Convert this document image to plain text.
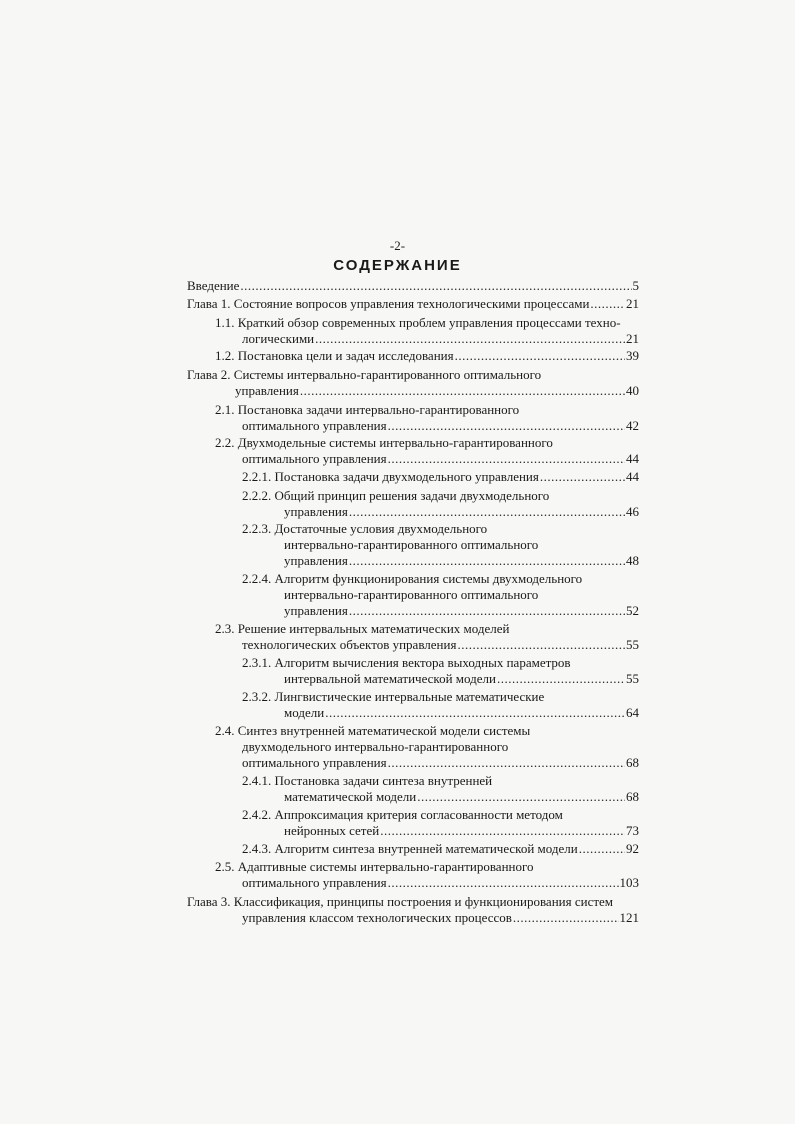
-2-
СОДЕРЖАНИЕ
Введение .....	5
Глава 1. Состояние вопросов управления технологическими процессами .....	21
1.1. Краткий обзор современных проблем управления процессами техно-
логическими .....	21
1.2. Постановка цели и задач исследования .....	39
Глава 2. Системы интервально-гарантированного оптимального
управления .....	40
2.1. Постановка задачи интервально-гарантированного
оптимального управления .....	42
2.2. Двухмодельные системы интервально-гарантированного
оптимального управления .....	44
2.2.1. Постановка задачи двухмодельного управления .....	44
2.2.2. Общий принцип решения задачи двухмодельного
управления .....	46
2.2.3. Достаточные условия двухмодельного
интервально-гарантированного оптимального
управления .....	48
2.2.4. Алгоритм функционирования системы двухмодельного
интервально-гарантированного оптимального
управления .....	52
2.3. Решение интервальных математических моделей
технологических объектов управления .....	55
2.3.1. Алгоритм вычисления вектора выходных параметров
интервальной математической модели .....	55
2.3.2. Лингвистические интервальные математические
модели .....	64
2.4. Синтез внутренней математической модели системы
двухмодельного интервально-гарантированного
оптимального управления .....	68
2.4.1. Постановка задачи синтеза внутренней
математической модели .....	68
2.4.2. Аппроксимация критерия согласованности методом
нейронных сетей .....	73
2.4.3. Алгоритм синтеза внутренней математической модели .....	92
2.5. Адаптивные системы интервально-гарантированного
оптимального управления .....	103
Глава 3. Классификация, принципы построения и функционирования систем
управления классом технологических процессов .....	121
